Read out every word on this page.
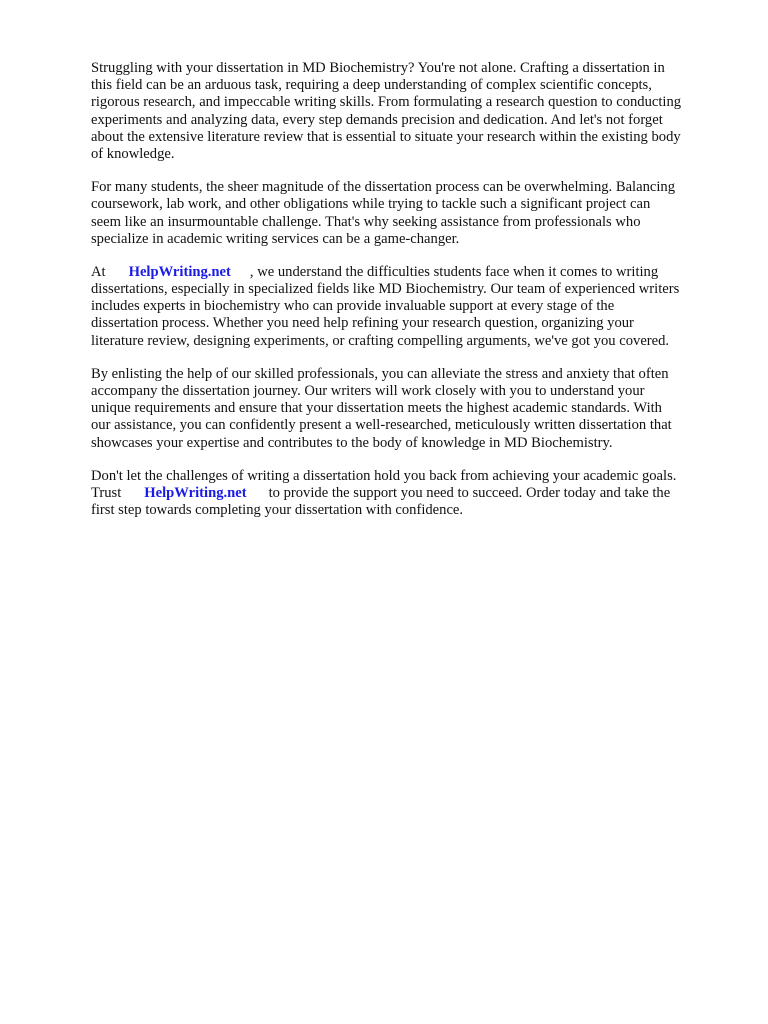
Struggling with your dissertation in MD Biochemistry? You're not alone. Crafting a dissertation in
this field can be an arduous task, requiring a deep understanding of complex scientific concepts,
rigorous research, and impeccable writing skills. From formulating a research question to conducting
experiments and analyzing data, every step demands precision and dedication. And let's not forget
about the extensive literature review that is essential to situate your research within the existing body
of knowledge.
For many students, the sheer magnitude of the dissertation process can be overwhelming. Balancing
coursework, lab work, and other obligations while trying to tackle such a significant project can
seem like an insurmountable challenge. That's why seeking assistance from professionals who
specialize in academic writing services can be a game-changer.
At HelpWriting.net , we understand the difficulties students face when it comes to writing
dissertations, especially in specialized fields like MD Biochemistry. Our team of experienced writers
includes experts in biochemistry who can provide invaluable support at every stage of the
dissertation process. Whether you need help refining your research question, organizing your
literature review, designing experiments, or crafting compelling arguments, we've got you covered.
By enlisting the help of our skilled professionals, you can alleviate the stress and anxiety that often
accompany the dissertation journey. Our writers will work closely with you to understand your
unique requirements and ensure that your dissertation meets the highest academic standards. With
our assistance, you can confidently present a well-researched, meticulously written dissertation that
showcases your expertise and contributes to the body of knowledge in MD Biochemistry.
Don't let the challenges of writing a dissertation hold you back from achieving your academic goals.
Trust HelpWriting.net to provide the support you need to succeed. Order today and take the
first step towards completing your dissertation with confidence.
